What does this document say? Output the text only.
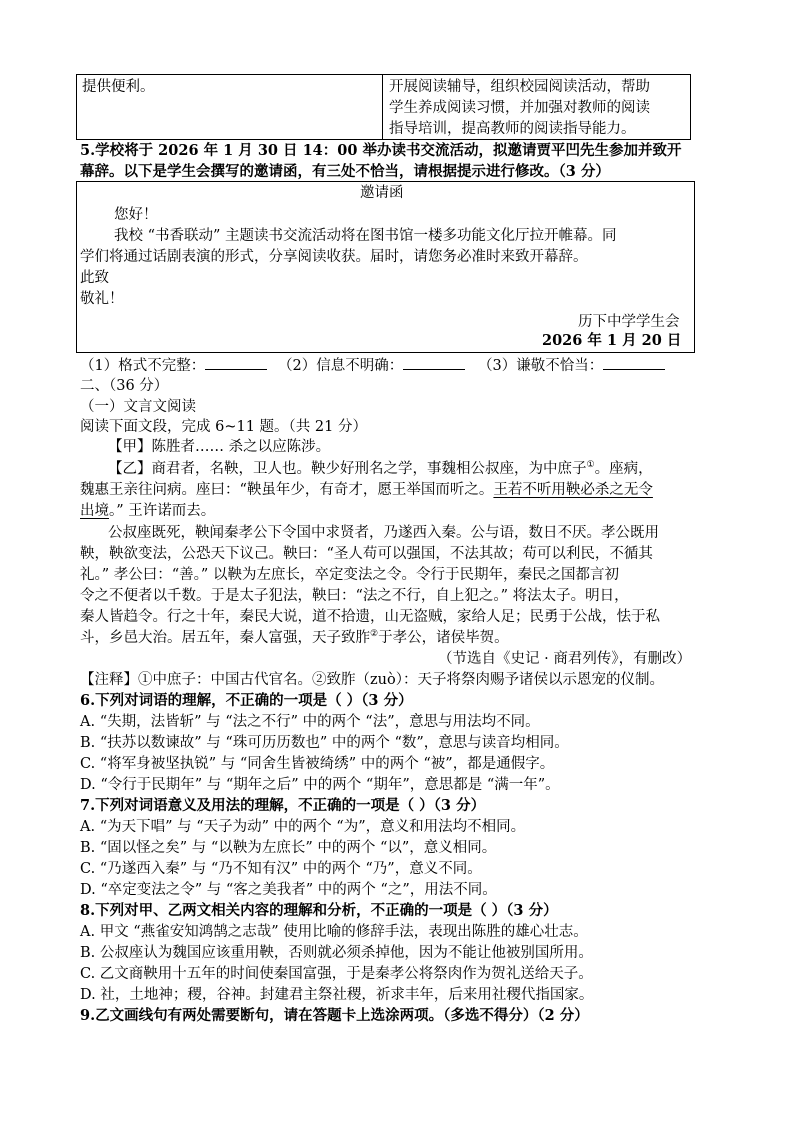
提供便利。	开展阅读辅导，组织校园阅读活动，帮助
学生养成阅读习惯，并加强对教师的阅读
指导培训，提高教师的阅读指导能力。
5.学校将于 2026 年 1 月 30 日 14：00 举办读书交流活动，拟邀请贾平凹先生参加并致开
幕辞。以下是学生会撰写的邀请函，有三处不恰当，请根据提示进行修改。（3 分）
邀请函
您好！
我校 “书香联动” 主题读书交流活动将在图书馆一楼多功能文化厅拉开帷幕。同
学们将通过话剧表演的形式，分享阅读收获。届时，请您务必准时来致开幕辞。
此致
敬礼！
历下中学学生会
2026 年 1 月 20 日
（1）格式不完整：	（2）信息不明确：	（3）谦敬不恰当：
二、（36 分）
（一）文言文阅读
阅读下面文段，完成 6~11 题。（共 21 分）
【甲】陈胜者…… 杀之以应陈涉。
【乙】商君者，名鞅，卫人也。鞅少好刑名之学，事魏相公叔座，为中庶子①。座病，
魏惠王亲往问病。座曰：“鞅虽年少，有奇才，愿王举国而听之。王若不听用鞅必杀之无令
出境。” 王许诺而去。
公叔座既死，鞅闻秦孝公下令国中求贤者，乃遂西入秦。公与语，数日不厌。孝公既用
鞅，鞅欲变法，公恐天下议己。鞅曰：“圣人苟可以强国，不法其故；苟可以利民，不循其
礼。” 孝公曰：“善。” 以鞅为左庶长，卒定变法之令。令行于民期年，秦民之国都言初
令之不便者以千数。于是太子犯法，鞅曰：“法之不行，自上犯之。” 将法太子。明日，
秦人皆趋令。行之十年，秦民大说，道不拾遗，山无盗贼，家给人足；民勇于公战，怯于私
斗，乡邑大治。居五年，秦人富强，天子致胙②于孝公，诸侯毕贺。
（节选自《史记 · 商君列传》，有删改）
【注释】①中庶子：中国古代官名。②致胙（zuò）：天子将祭肉赐予诸侯以示恩宠的仪制。
6.下列对词语的理解，不正确的一项是（ ）（3 分）
A. “失期，法皆斩” 与 “法之不行” 中的两个 “法”，意思与用法均不同。
B. “扶苏以数谏故” 与 “珠可历历数也” 中的两个 “数”，意思与读音均相同。
C. “将军身被坚执锐” 与 “同舍生皆被绮绣” 中的两个 “被”，都是通假字。
D. “令行于民期年” 与 “期年之后” 中的两个 “期年”，意思都是 “满一年”。
7.下列对词语意义及用法的理解，不正确的一项是（ ）（3 分）
A. “为天下唱” 与 “天子为动” 中的两个 “为”，意义和用法均不相同。
B. “固以怪之矣” 与 “以鞅为左庶长” 中的两个 “以”，意义相同。
C. “乃遂西入秦” 与 “乃不知有汉” 中的两个 “乃”，意义不同。
D. “卒定变法之令” 与 “客之美我者” 中的两个 “之”，用法不同。
8.下列对甲、乙两文相关内容的理解和分析，不正确的一项是（ ）（3 分）
A. 甲文 “燕雀安知鸿鹄之志哉” 使用比喻的修辞手法，表现出陈胜的雄心壮志。
B. 公叔座认为魏国应该重用鞅，否则就必须杀掉他，因为不能让他被别国所用。
C. 乙文商鞅用十五年的时间使秦国富强，于是秦孝公将祭肉作为贺礼送给天子。
D. 社，土地神；稷，谷神。封建君主祭社稷，祈求丰年，后来用社稷代指国家。
9.乙文画线句有两处需要断句，请在答题卡上选涂两项。（多选不得分）（2 分）
